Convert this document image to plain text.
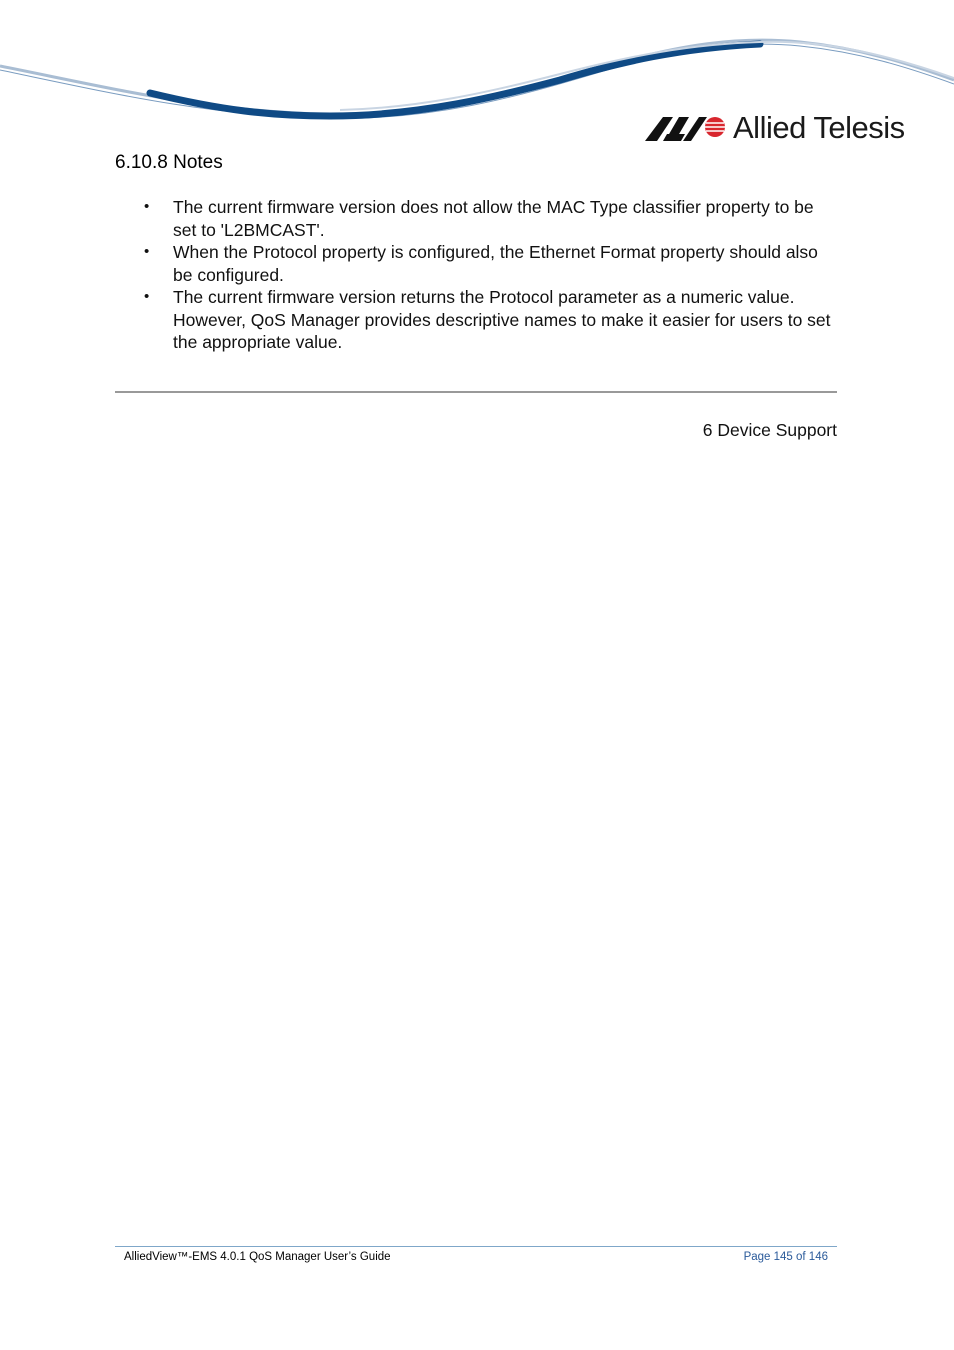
Allied Telesis
6.10.8 Notes
• The current firmware version does not allow the MAC Type classifier property to be set to 'L2BMCAST'.
• When the Protocol property is configured, the Ethernet Format property should also be configured.
• The current firmware version returns the Protocol parameter as a numeric value. However, QoS Manager provides descriptive names to make it easier for users to set the appropriate value.
6 Device Support
AlliedView™-EMS 4.0.1 QoS Manager User’s Guide	Page 145 of 146
